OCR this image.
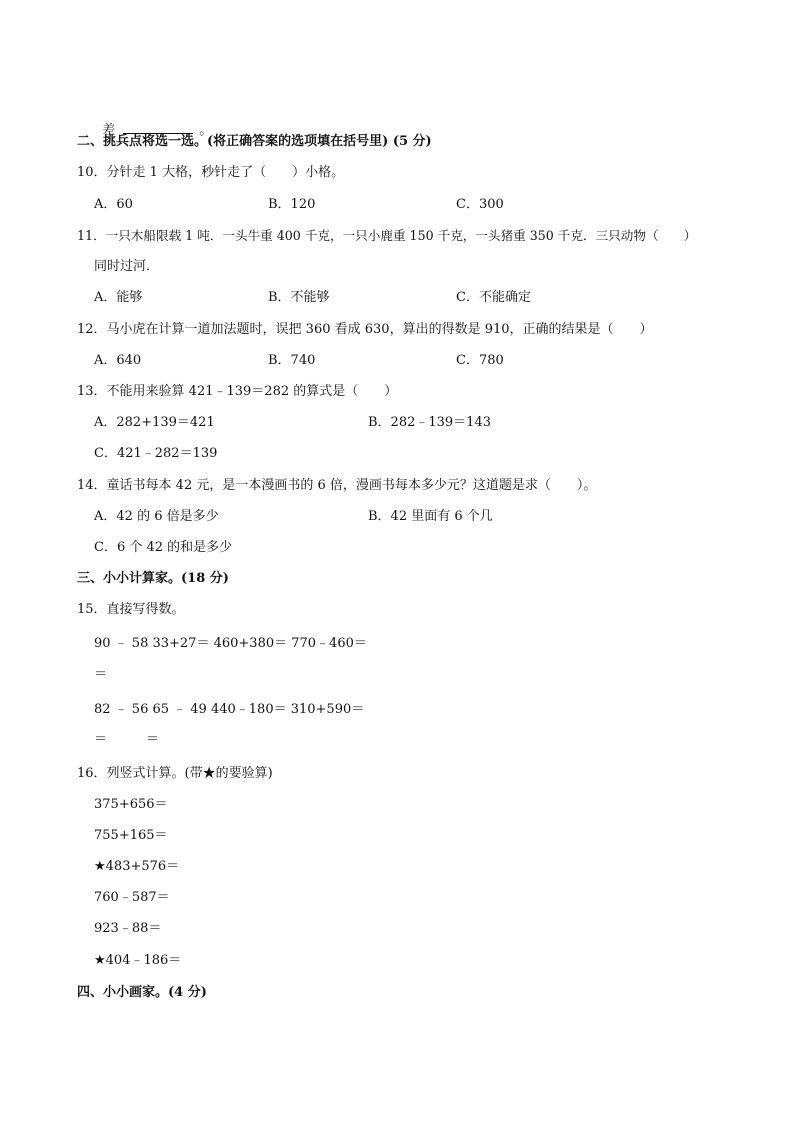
差	。

二、挑兵点将选一选。(将正确答案的选项填在括号里) (5 分)
10．分针走 1 大格，秒针走了（　　）小格。
A．60	B．120	C．300
11．一只木船限载 1 吨．一头牛重 400 千克，一只小鹿重 150 千克，一头猪重 350 千克．三只动物（　　）
同时过河．
A．能够	B．不能够	C．不能确定
12．马小虎在计算一道加法题时，误把 360 看成 630，算出的得数是 910，正确的结果是（　　）
A．640	B．740	C．780
13．不能用来验算 421﹣139＝282 的算式是（　　）
A．282+139＝421	B．282﹣139＝143
C．421﹣282＝139
14．童话书每本 42 元，是一本漫画书的 6 倍，漫画书每本多少元？这道题是求（　　）。
A．42 的 6 倍是多少	B．42 里面有 6 个几
C．6 个 42 的和是多少
三、小小计算家。(18 分)
15．直接写得数。
90 ﹣ 58 33+27＝ 460+380＝ 770﹣460＝
＝
82 ﹣ 56 65 ﹣ 49 440﹣180＝ 310+590＝
＝　　　＝
16．列竖式计算。(带★的要验算)
375+656＝
755+165＝
★483+576＝
760﹣587＝
923﹣88＝
★404﹣186＝
四、小小画家。(4 分)
